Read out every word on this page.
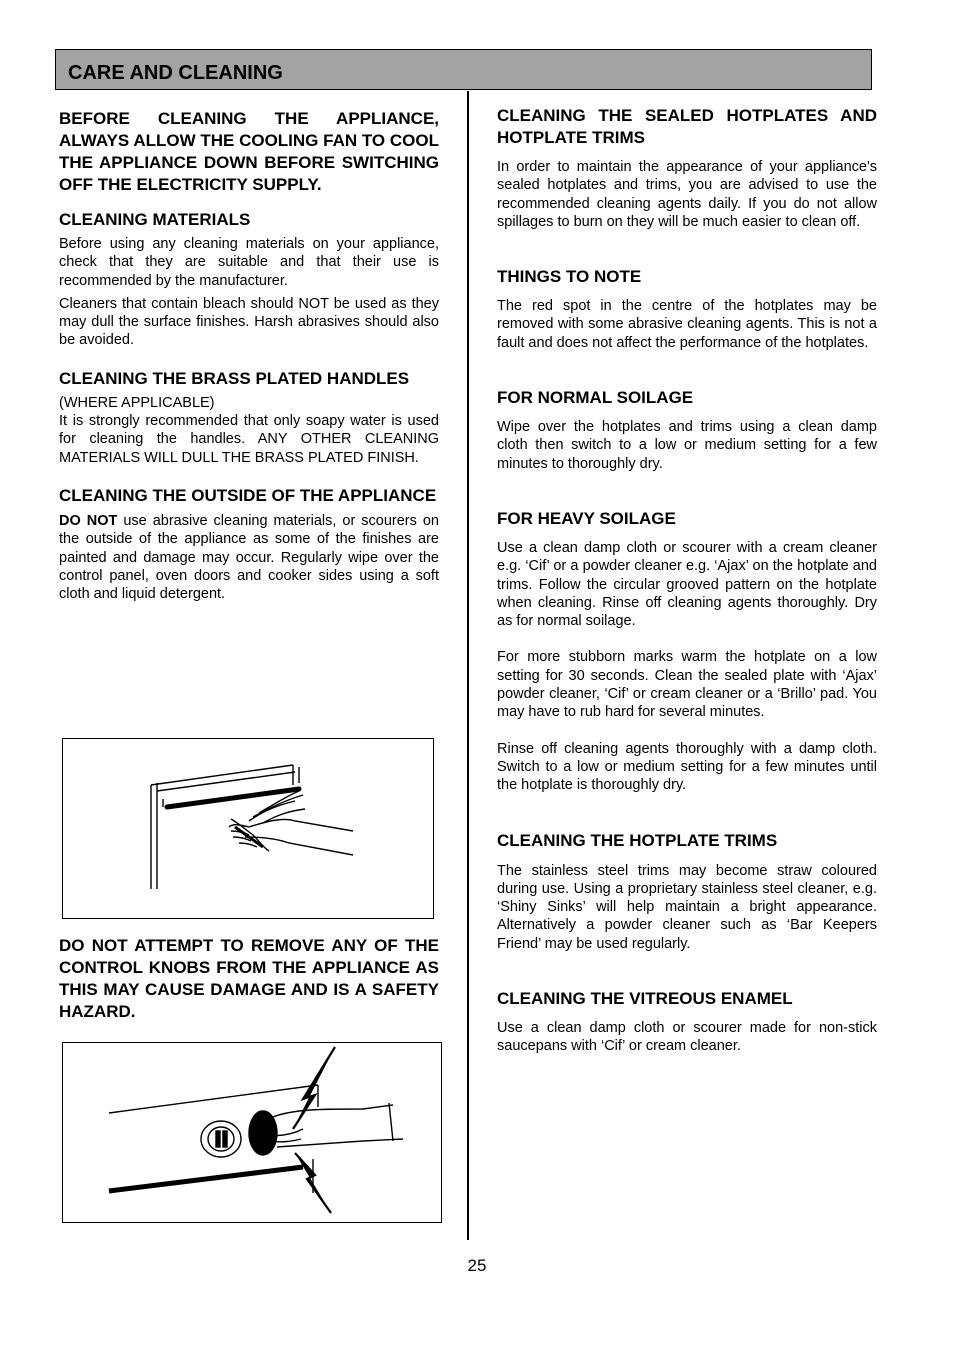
CARE AND CLEANING

BEFORE CLEANING THE APPLIANCE, ALWAYS ALLOW THE COOLING FAN TO COOL THE APPLIANCE DOWN BEFORE SWITCHING OFF THE ELECTRICITY SUPPLY.

CLEANING MATERIALS

Before using any cleaning materials on your appliance, check that they are suitable and that their use is recommended by the manufacturer.

Cleaners that contain bleach should NOT be used as they may dull the surface finishes. Harsh abrasives should also be avoided.

CLEANING THE BRASS PLATED HANDLES

(WHERE APPLICABLE)

It is strongly recommended that only soapy water is used for cleaning the handles. ANY OTHER CLEANING MATERIALS WILL DULL THE BRASS PLATED FINISH.

CLEANING THE OUTSIDE OF THE APPLIANCE

DO NOT use abrasive cleaning materials, or scourers on the outside of the appliance as some of the finishes are painted and damage may occur. Regularly wipe over the control panel, oven doors and cooker sides using a soft cloth and liquid detergent.

DO NOT ATTEMPT TO REMOVE ANY OF THE CONTROL KNOBS FROM THE APPLIANCE AS THIS MAY CAUSE DAMAGE AND IS A SAFETY HAZARD.

CLEANING THE SEALED HOTPLATES AND HOTPLATE TRIMS

In order to maintain the appearance of your appliance's sealed hotplates and trims, you are advised to use the recommended cleaning agents daily. If you do not allow spillages to burn on they will be much easier to clean off.

THINGS TO NOTE

The red spot in the centre of the hotplates may be removed with some abrasive cleaning agents. This is not a fault and does not affect the performance of the hotplates.

FOR NORMAL SOILAGE

Wipe over the hotplates and trims using a clean damp cloth then switch to a low or medium setting for a few minutes to thoroughly dry.

FOR HEAVY SOILAGE

Use a clean damp cloth or scourer with a cream cleaner e.g. ‘Cif’ or a powder cleaner e.g. ‘Ajax’ on the hotplate and trims. Follow the circular grooved pattern on the hotplate when cleaning. Rinse off cleaning agents thoroughly. Dry as for normal soilage.

For more stubborn marks warm the hotplate on a low setting for 30 seconds. Clean the sealed plate with ‘Ajax’ powder cleaner, ‘Cif’ or cream cleaner or a ‘Brillo’ pad. You may have to rub hard for several minutes.

Rinse off cleaning agents thoroughly with a damp cloth. Switch to a low or medium setting for a few minutes until the hotplate is thoroughly dry.

CLEANING THE HOTPLATE TRIMS

The stainless steel trims may become straw coloured during use. Using a proprietary stainless steel cleaner, e.g. ‘Shiny Sinks’ will help maintain a bright appearance. Alternatively a powder cleaner such as ‘Bar Keepers Friend’ may be used regularly.

CLEANING THE VITREOUS ENAMEL

Use a clean damp cloth or scourer made for non-stick saucepans with ‘Cif’ or cream cleaner.

25
